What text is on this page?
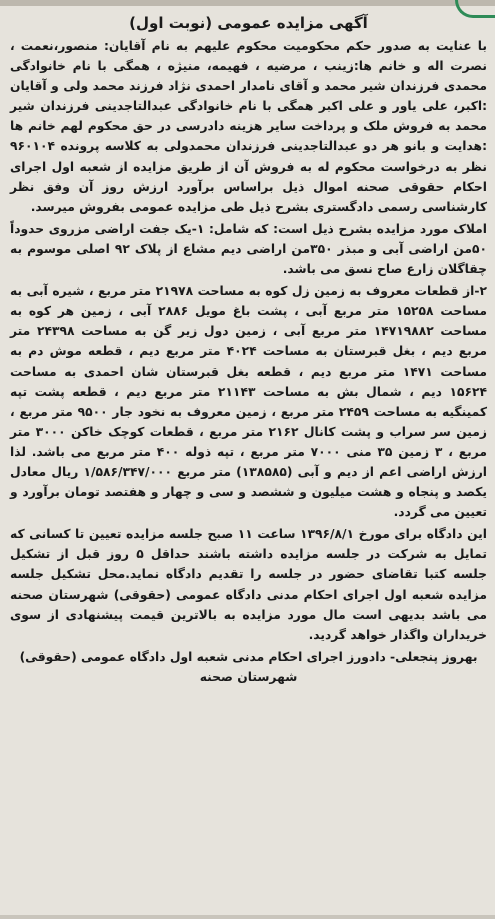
آگهی مزایده عمومی (نوبت اول)

با عنایت به صدور حکم محکومیت محکوم علیهم به نام آقایان: منصور،نعمت ، نصرت اله و خانم ها:زینب ، مرضیه ، فهیمه، منیژه ، همگی با نام خانوادگی محمدی فرزندان شیر محمد و آقای نامدار احمدی نژاد فرزند محمد ولی و آقایان :اکبر، علی یاور و علی اکبر همگی با نام خانوادگی عبدالتاجدینی فرزندان شیر محمد به فروش ملک و پرداخت سایر هزینه دادرسی در حق محکوم لهم خانم ها :هدایت و بانو هر دو عبدالتاجدینی فرزندان محمدولی به کلاسه پرونده ۹۶۰۱۰۴ نظر به درخواست محکوم له به فروش آن از طریق مزایده از شعبه اول اجرای احکام حقوقی صحنه اموال ذیل براساس برآورد ارزش روز آن وفق نظر کارشناسی رسمی دادگستری بشرح ذیل طی مزایده عمومی بفروش میرسد.

املاک مورد مزایده بشرح ذیل است: که شامل: ۱-یک جفت اراضی مزروی حدوداً ۵۰من اراضی آبی و مبذر ۳۵۰من اراضی دیم مشاع از پلاک ۹۲ اصلی موسوم به چقاگلان زارع صاح نسق می باشد.

۲-از قطعات معروف به زمین زل کوه به مساحت ۲۱۹۷۸ متر مربع ، شیره آبی به مساحت ۱۵۲۵۸ متر مربع آبی ، پشت باغ مویل ۲۸۸۶ آبی ، زمین هر کوه به مساحت ۱۴۷۱۹۸۸۲ متر مربع آبی ، زمین دول زیر گن به مساحت ۲۴۳۹۸ متر مربع دیم ، بغل قبرستان به مساحت ۴۰۲۴ متر مربع دیم ، قطعه موش دم به مساحت ۱۴۷۱ متر مربع دیم ، قطعه بغل قبرستان شان احمدی به مساحت ۱۵۶۲۴ دیم ، شمال بش به مساحت ۲۱۱۴۳ متر مربع دیم ، قطعه پشت تپه کمینگیه به مساحت ۲۴۵۹ متر مربع ، زمین معروف به نخود جار ۹۵۰۰ متر مربع ، زمین سر سراب و پشت کانال ۲۱۶۲ متر مربع ، قطعات کوچک خاکن ۳۰۰۰ متر مربع ، ۳ زمین ۳۵ منی ۷۰۰۰ متر مربع ، تپه ذوله ۴۰۰ متر مربع می باشد. لذا ارزش اراضی اعم از دیم و آبی (۱۳۸۵۸۵) متر مربع ۱/۵۸۶/۳۴۷/۰۰۰ ریال معادل یکصد و پنجاه و هشت میلیون و ششصد و سی و چهار و هفتصد تومان برآورد و تعیین می گردد.

این دادگاه برای مورخ ۱۳۹۶/۸/۱ ساعت ۱۱ صبح جلسه مزایده تعیین تا کسانی که تمایل به شرکت در جلسه مزایده داشته باشند حداقل ۵ روز قبل از تشکیل جلسه کتبا تقاضای حضور در جلسه را تقدیم دادگاه نماید.محل تشکیل جلسه مزایده شعبه اول اجرای احکام مدنی دادگاه عمومی (حقوقی) شهرستان صحنه می باشد بدیهی است مال مورد مزایده به بالاترین قیمت پیشنهادی از سوی خریداران واگذار خواهد گردید.

بهروز پنجعلی- دادورز اجرای احکام مدنی شعبه اول دادگاه عمومی (حقوقی) شهرستان صحنه
